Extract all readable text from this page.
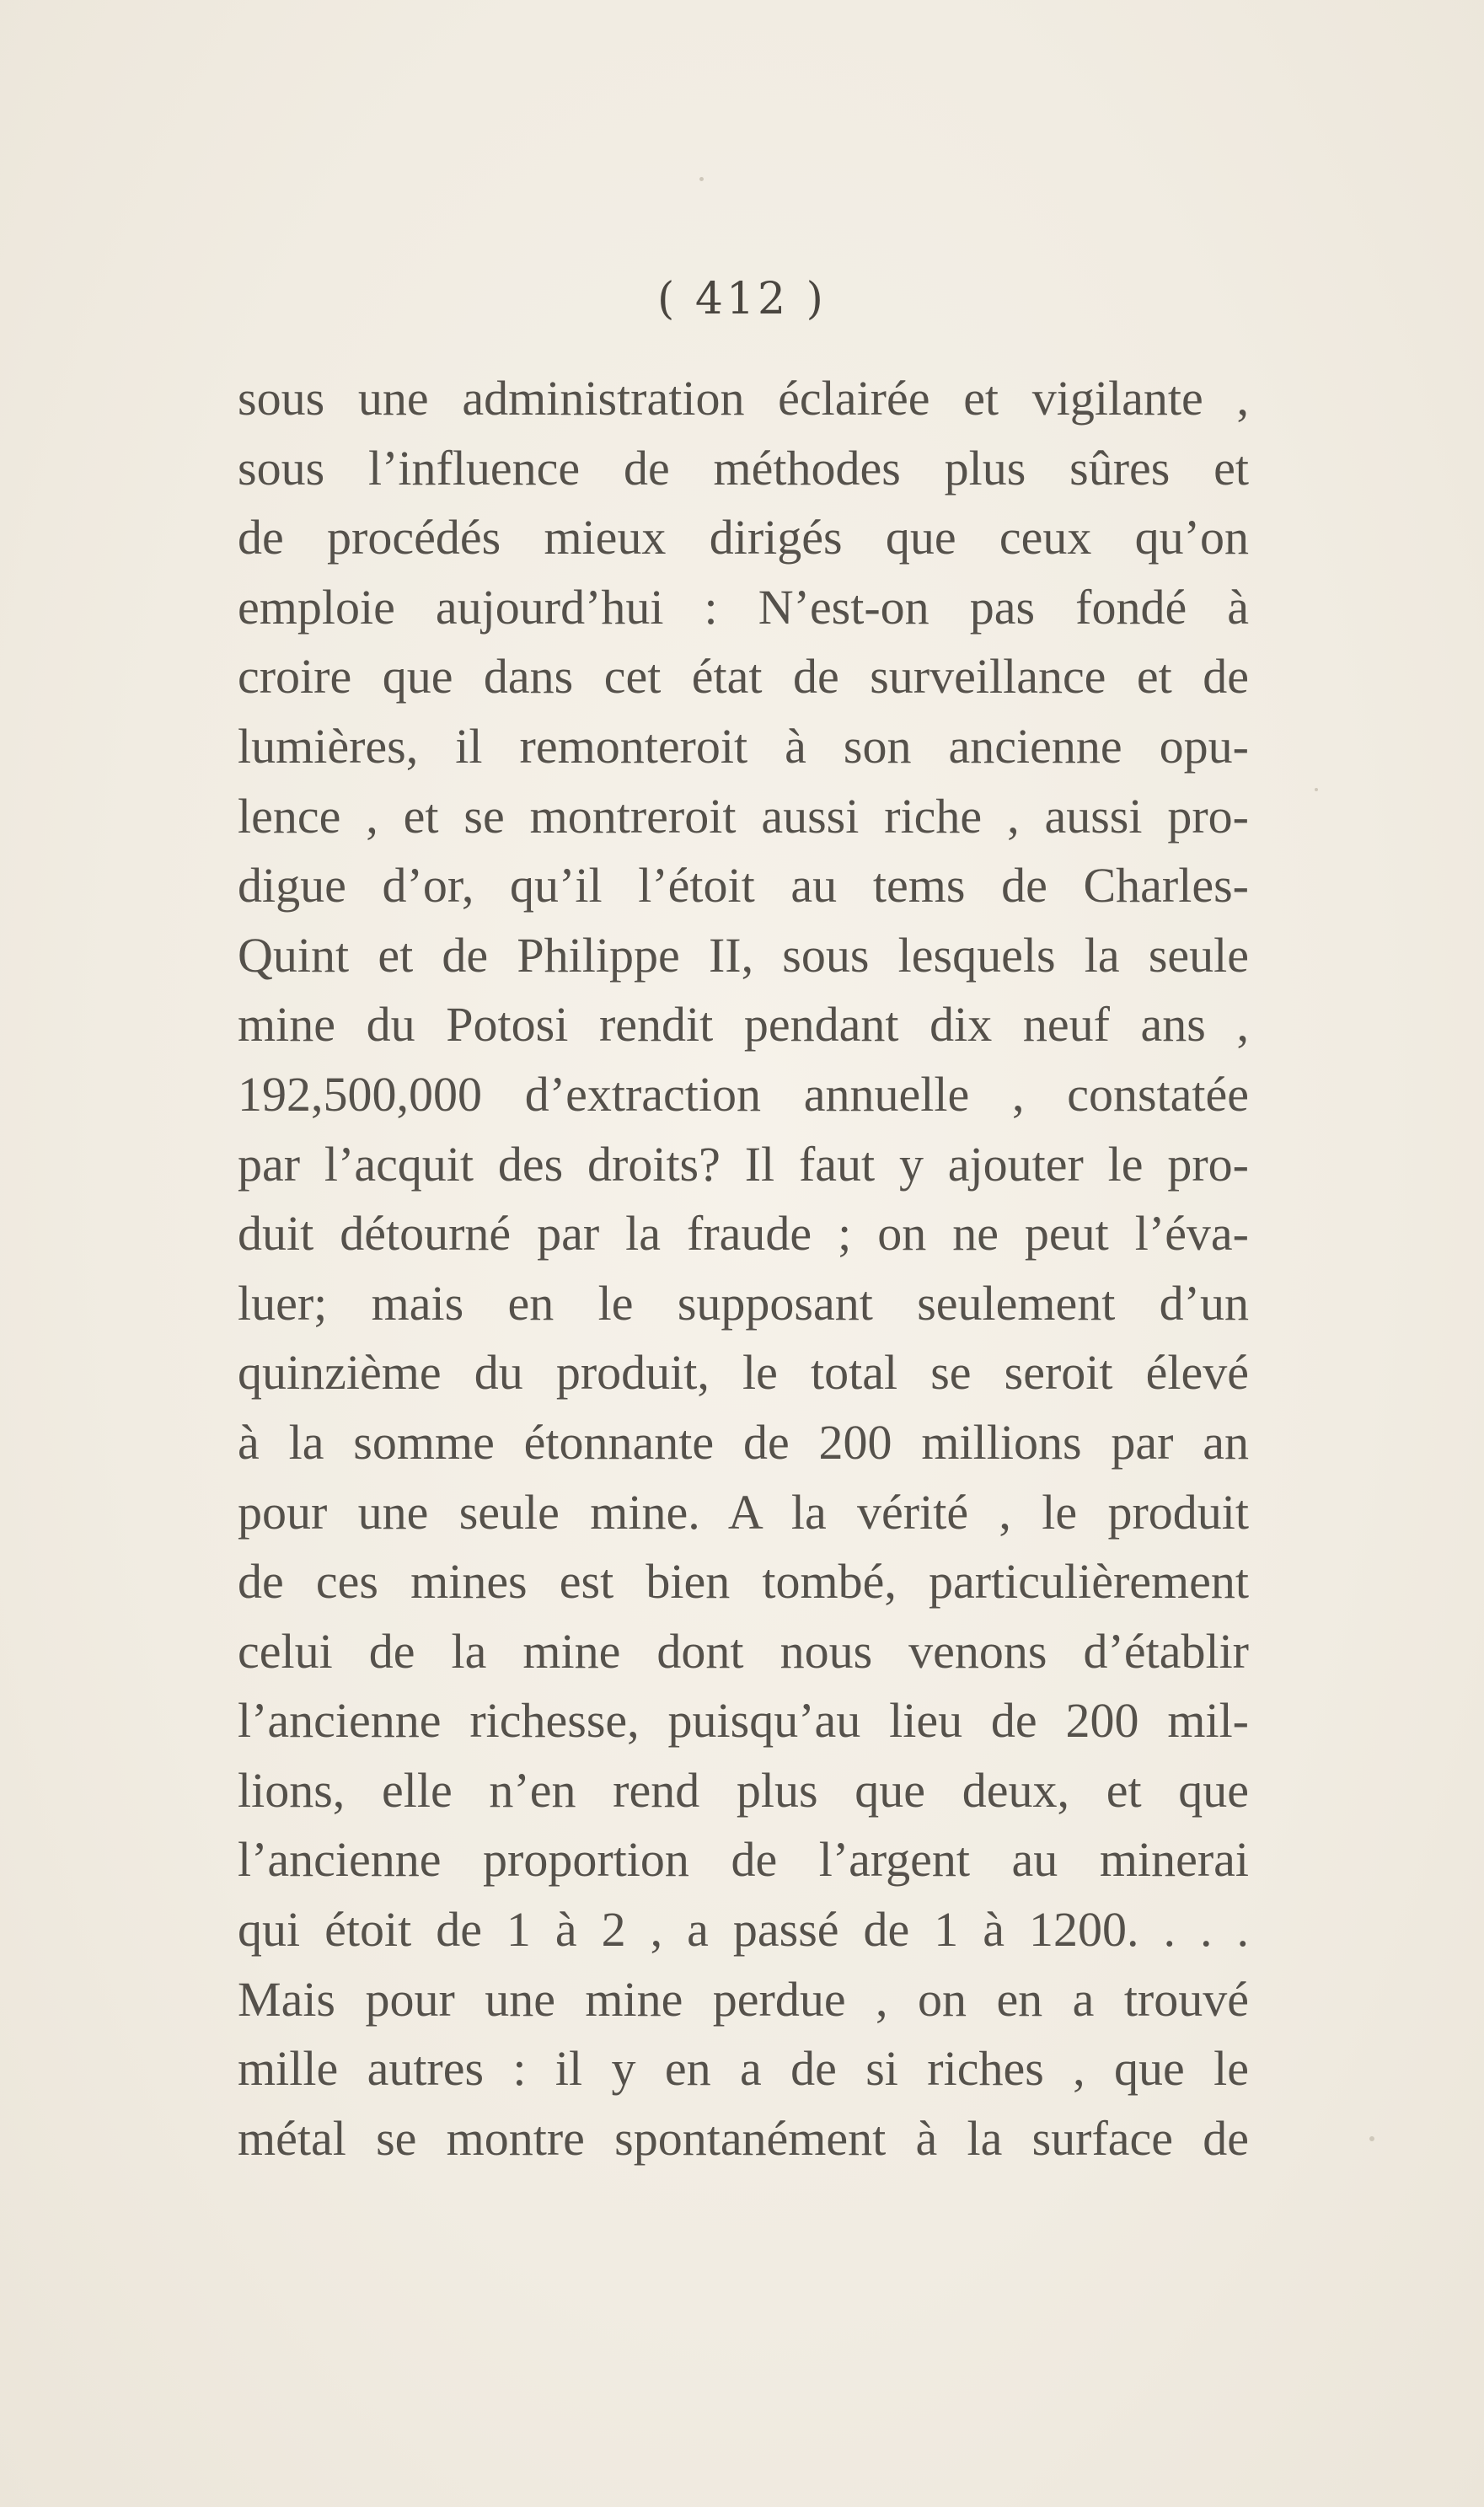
( 412 )
sous une administration éclairée et vigilante ,
sous l’influence de méthodes plus sûres et
de procédés mieux dirigés que ceux qu’on
emploie aujourd’hui : N’est-on pas fondé à
croire que dans cet état de surveillance et de
lumières, il remonteroit à son ancienne opu-
lence , et se montreroit aussi riche , aussi pro-
digue d’or, qu’il l’étoit au tems de Charles-
Quint et de Philippe II, sous lesquels la seule
mine du Potosi rendit pendant dix neuf ans ,
192,500,000 d’extraction annuelle , constatée
par l’acquit des droits? Il faut y ajouter le pro-
duit détourné par la fraude ; on ne peut l’éva-
luer; mais en le supposant seulement d’un
quinzième du produit, le total se seroit élevé
à la somme étonnante de 200 millions par an
pour une seule mine. A la vérité , le produit
de ces mines est bien tombé, particulièrement
celui de la mine dont nous venons d’établir
l’ancienne richesse, puisqu’au lieu de 200 mil-
lions, elle n’en rend plus que deux, et que
l’ancienne proportion de l’argent au minerai
qui étoit de 1 à 2 , a passé de 1 à 1200. . . .
Mais pour une mine perdue , on en a trouvé
mille autres : il y en a de si riches , que le
métal se montre spontanément à la surface de
